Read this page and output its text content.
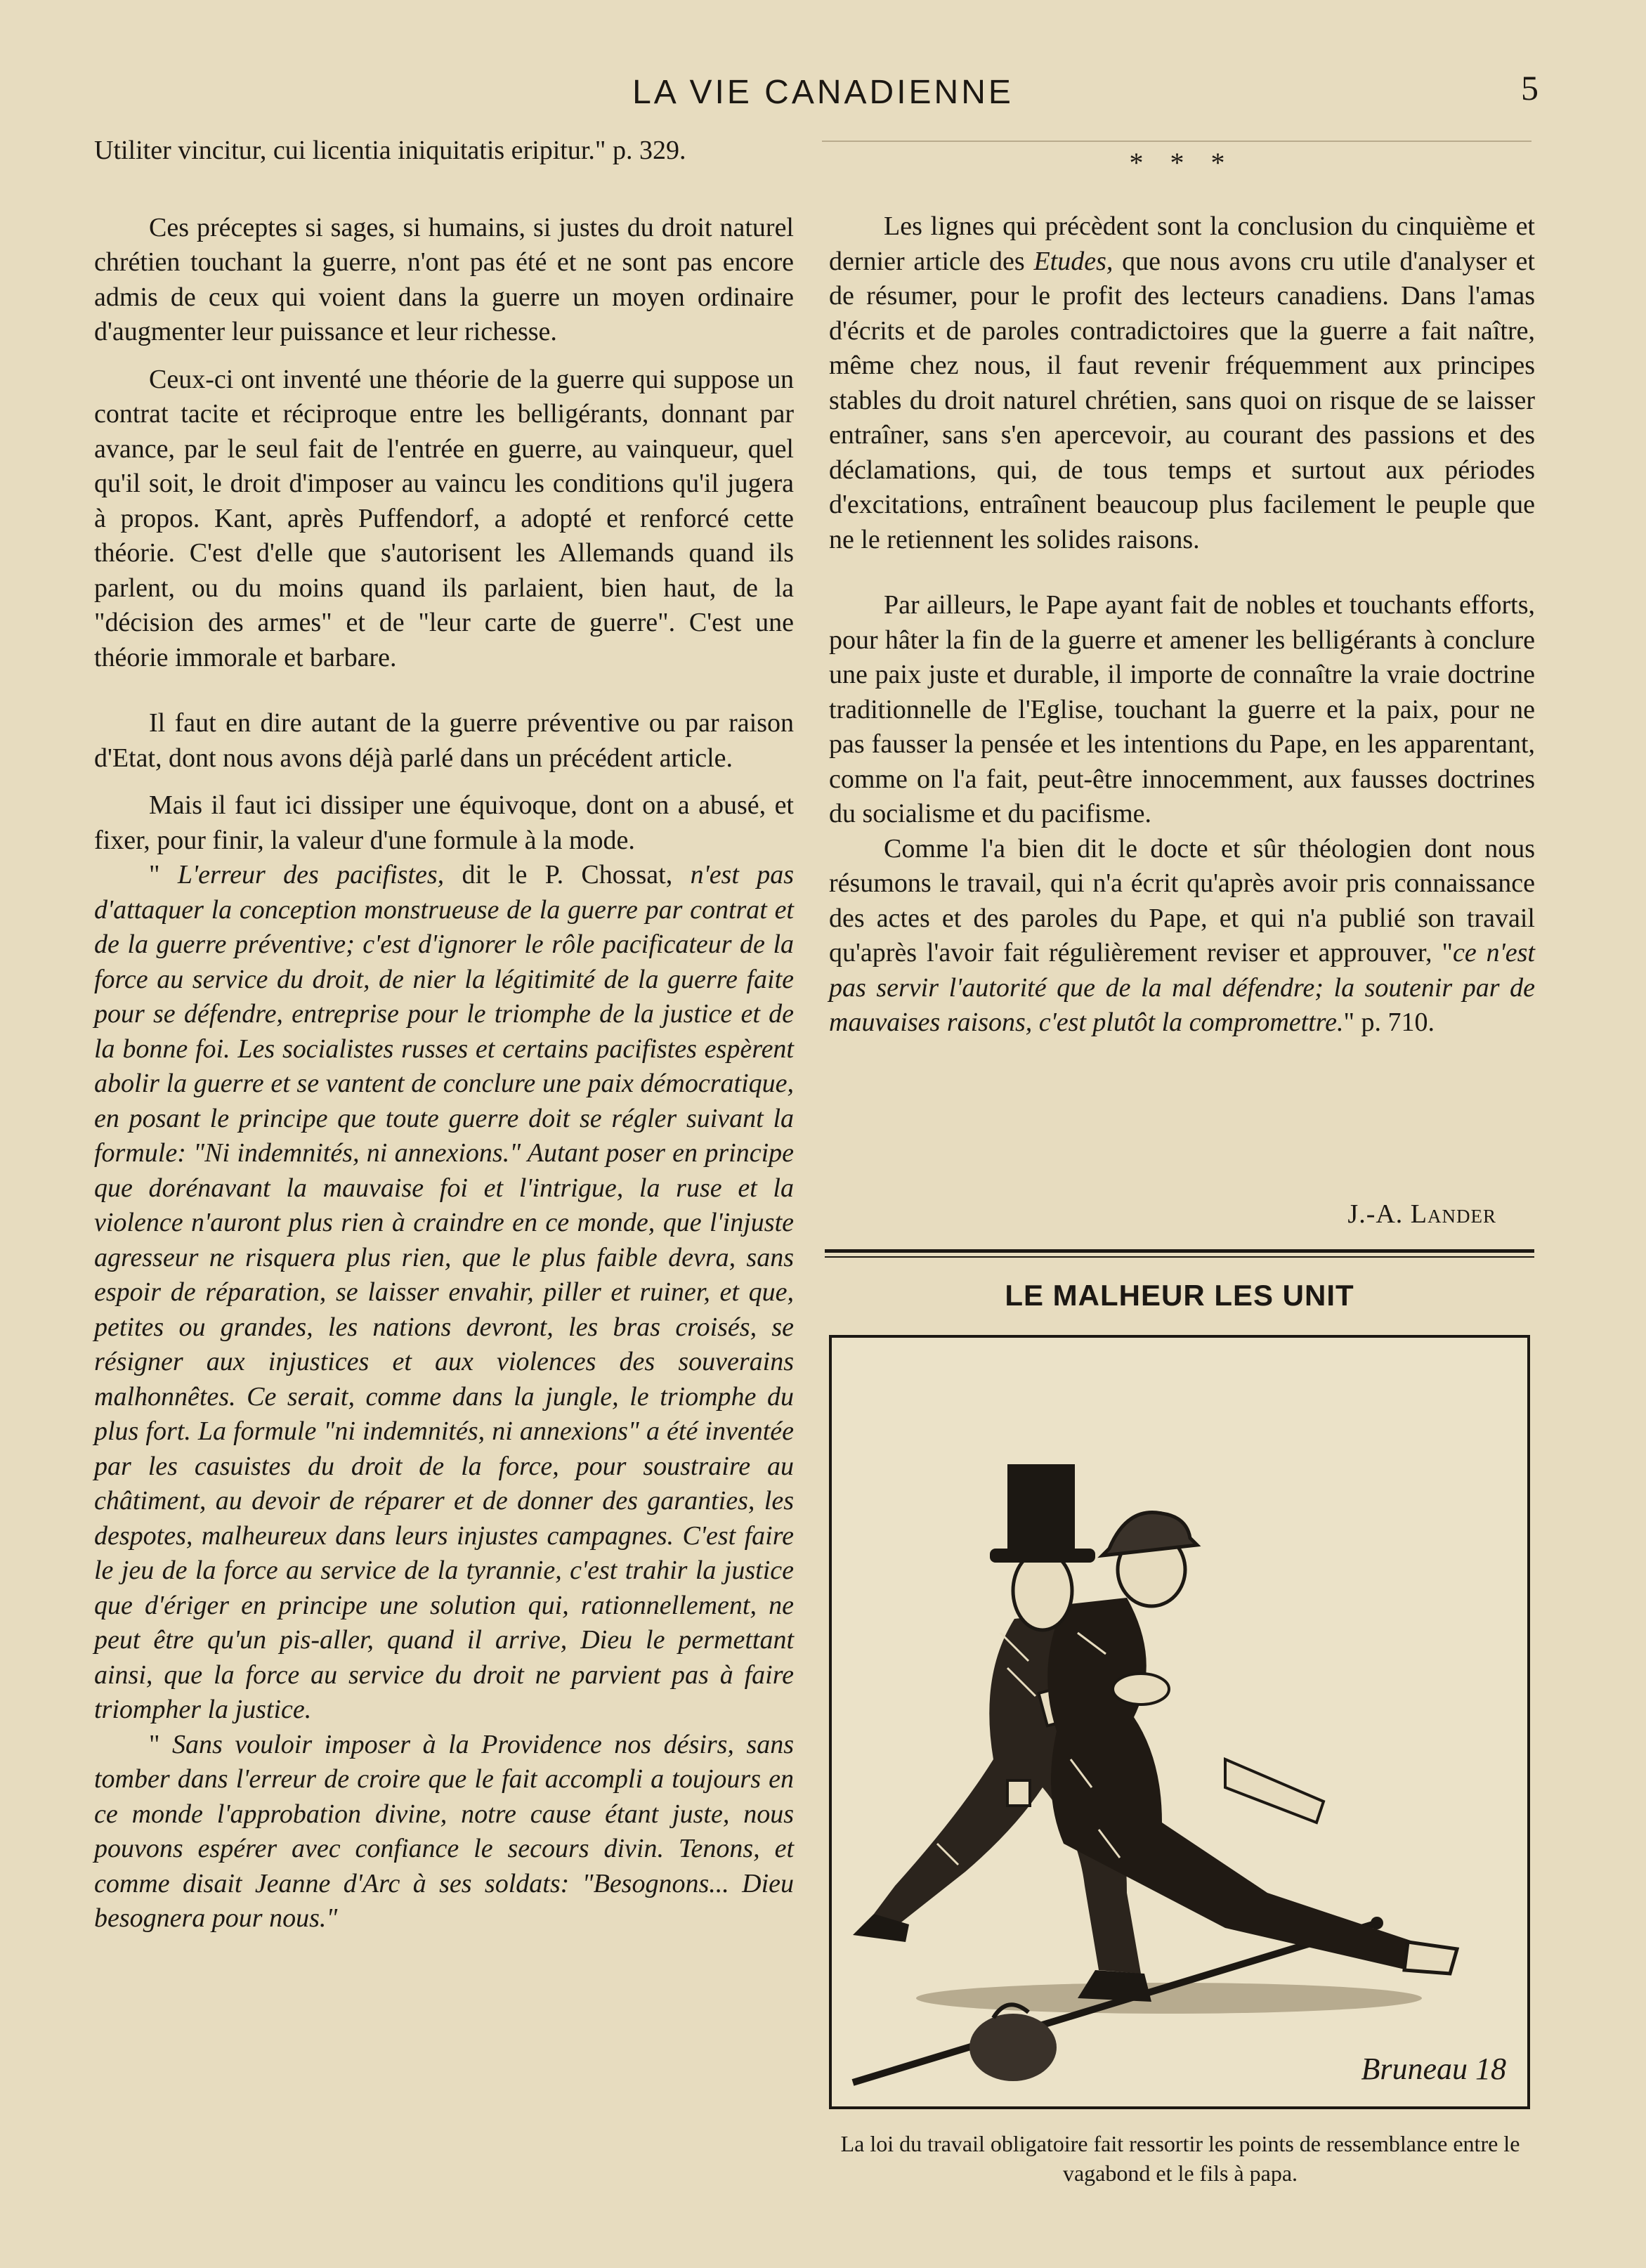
LA VIE CANADIENNE	5

Utiliter vincitur, cui licentia iniquitatis eripitur." p. 329.

Ces préceptes si sages, si humains, si justes du droit naturel chrétien touchant la guerre, n'ont pas été et ne sont pas encore admis de ceux qui voient dans la guerre un moyen ordinaire d'augmenter leur puissance et leur richesse.

Ceux-ci ont inventé une théorie de la guerre qui suppose un contrat tacite et réciproque entre les belligérants, donnant par avance, par le seul fait de l'entrée en guerre, au vainqueur, quel qu'il soit, le droit d'imposer au vaincu les conditions qu'il jugera à propos. Kant, après Puffendorf, a adopté et renforcé cette théorie. C'est d'elle que s'autorisent les Allemands quand ils parlent, ou du moins quand ils parlaient, bien haut, de la "décision des armes" et de "leur carte de guerre". C'est une théorie immorale et barbare.

Il faut en dire autant de la guerre préventive ou par raison d'Etat, dont nous avons déjà parlé dans un précédent article.

Mais il faut ici dissiper une équivoque, dont on a abusé, et fixer, pour finir, la valeur d'une formule à la mode.

" L'erreur des pacifistes, dit le P. Chossat, n'est pas d'attaquer la conception monstrueuse de la guerre par contrat et de la guerre préventive; c'est d'ignorer le rôle pacificateur de la force au service du droit, de nier la légitimité de la guerre faite pour se défendre, entreprise pour le triomphe de la justice et de la bonne foi. Les socialistes russes et certains pacifistes espèrent abolir la guerre et se vantent de conclure une paix démocratique, en posant le principe que toute guerre doit se régler suivant la formule: "Ni indemnités, ni annexions." Autant poser en principe que dorénavant la mauvaise foi et l'intrigue, la ruse et la violence n'auront plus rien à craindre en ce monde, que l'injuste agresseur ne risquera plus rien, que le plus faible devra, sans espoir de réparation, se laisser envahir, piller et ruiner, et que, petites ou grandes, les nations devront, les bras croisés, se résigner aux injustices et aux violences des souverains malhonnêtes. Ce serait, comme dans la jungle, le triomphe du plus fort. La formule "ni indemnités, ni annexions" a été inventée par les casuistes du droit de la force, pour soustraire au châtiment, au devoir de réparer et de donner des garanties, les despotes, malheureux dans leurs injustes campagnes. C'est faire le jeu de la force au service de la tyrannie, c'est trahir la justice que d'ériger en principe une solution qui, rationnellement, ne peut être qu'un pis-aller, quand il arrive, Dieu le permettant ainsi, que la force au service du droit ne parvient pas à faire triompher la justice.

" Sans vouloir imposer à la Providence nos désirs, sans tomber dans l'erreur de croire que le fait accompli a toujours en ce monde l'approbation divine, notre cause étant juste, nous pouvons espérer avec confiance le secours divin. Tenons, et comme disait Jeanne d'Arc à ses soldats: "Besognons... Dieu besognera pour nous."

* * *

Les lignes qui précèdent sont la conclusion du cinquième et dernier article des Etudes, que nous avons cru utile d'analyser et de résumer, pour le profit des lecteurs canadiens. Dans l'amas d'écrits et de paroles contradictoires que la guerre a fait naître, même chez nous, il faut revenir fréquemment aux principes stables du droit naturel chrétien, sans quoi on risque de se laisser entraîner, sans s'en apercevoir, au courant des passions et des déclamations, qui, de tous temps et surtout aux périodes d'excitations, entraînent beaucoup plus facilement le peuple que ne le retiennent les solides raisons.

Par ailleurs, le Pape ayant fait de nobles et touchants efforts, pour hâter la fin de la guerre et amener les belligérants à conclure une paix juste et durable, il importe de connaître la vraie doctrine traditionnelle de l'Eglise, touchant la guerre et la paix, pour ne pas fausser la pensée et les intentions du Pape, en les apparentant, comme on l'a fait, peut-être innocemment, aux fausses doctrines du socialisme et du pacifisme.

Comme l'a bien dit le docte et sûr théologien dont nous résumons le travail, qui n'a écrit qu'après avoir pris connaissance des actes et des paroles du Pape, et qui n'a publié son travail qu'après l'avoir fait régulièrement reviser et approuver, "ce n'est pas servir l'autorité que de la mal défendre; la soutenir par de mauvaises raisons, c'est plutôt la compromettre." p. 710.

J.-A. Lander
LE MALHEUR LES UNIT
Bruneau 18
La loi du travail obligatoire fait ressortir les points de ressemblance entre le vagabond et le fils à papa.
